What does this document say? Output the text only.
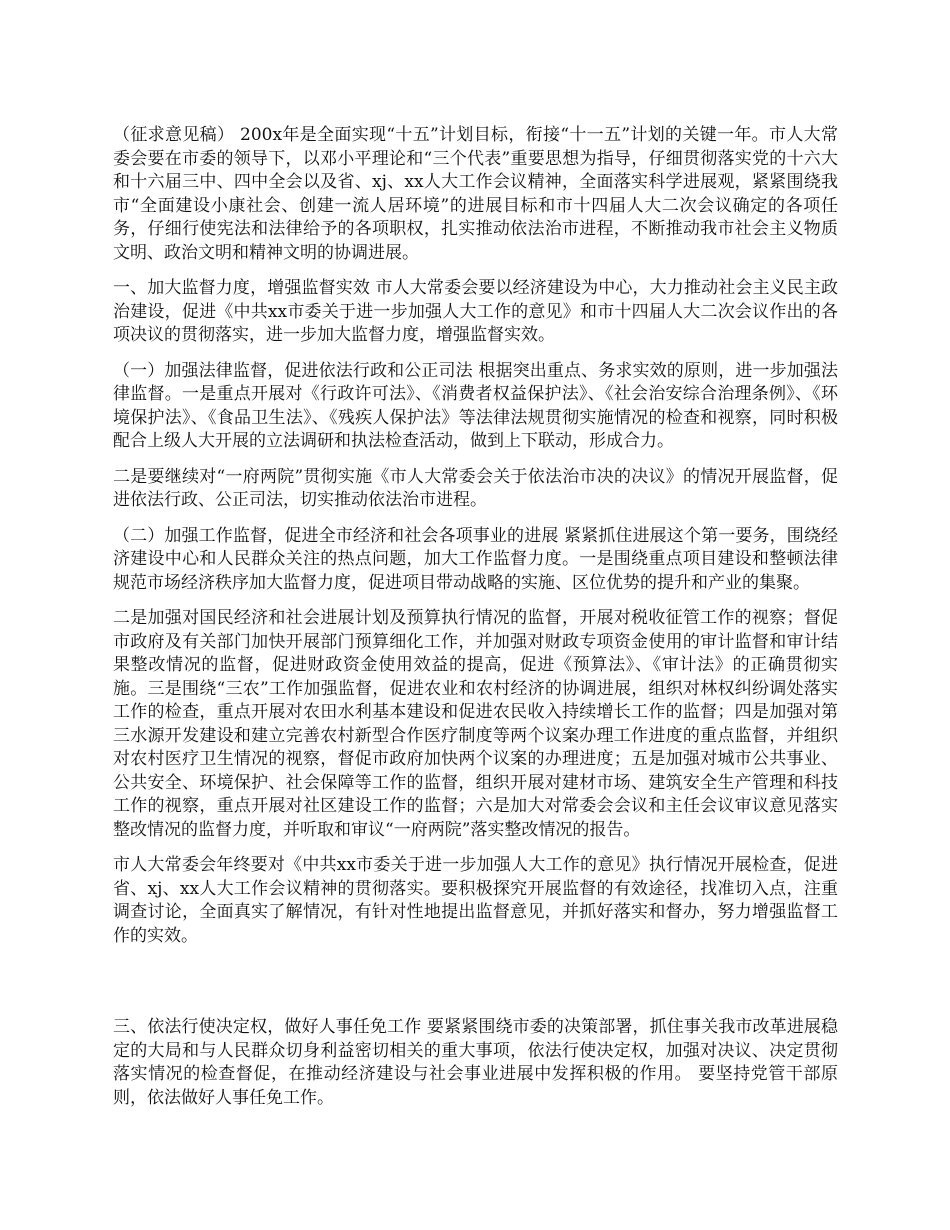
（征求意见稿） 200x年是全面实现“十五”计划目标，衔接“十一五”计划的关键一年。市人大常委会要在市委的领导下，以邓小平理论和“三个代表”重要思想为指导，仔细贯彻落实党的十六大和十六届三中、四中全会以及省、xj、xx人大工作会议精神，全面落实科学进展观，紧紧围绕我市“全面建设小康社会、创建一流人居环境”的进展目标和市十四届人大二次会议确定的各项任务，仔细行使宪法和法律给予的各项职权，扎实推动依法治市进程，不断推动我市社会主义物质文明、政治文明和精神文明的协调进展。

一、加大监督力度，增强监督实效 市人大常委会要以经济建设为中心，大力推动社会主义民主政治建设，促进《中共xx市委关于进一步加强人大工作的意见》和市十四届人大二次会议作出的各项决议的贯彻落实，进一步加大监督力度，增强监督实效。

（一）加强法律监督，促进依法行政和公正司法 根据突出重点、务求实效的原则，进一步加强法律监督。一是重点开展对《行政许可法》、《消费者权益保护法》、《社会治安综合治理条例》、《环境保护法》、《食品卫生法》、《残疾人保护法》等法律法规贯彻实施情况的检查和视察，同时积极配合上级人大开展的立法调研和执法检查活动，做到上下联动，形成合力。

二是要继续对“一府两院”贯彻实施《市人大常委会关于依法治市决的决议》的情况开展监督，促进依法行政、公正司法，切实推动依法治市进程。

（二）加强工作监督，促进全市经济和社会各项事业的进展 紧紧抓住进展这个第一要务，围绕经济建设中心和人民群众关注的热点问题，加大工作监督力度。一是围绕重点项目建设和整顿法律规范市场经济秩序加大监督力度，促进项目带动战略的实施、区位优势的提升和产业的集聚。

二是加强对国民经济和社会进展计划及预算执行情况的监督，开展对税收征管工作的视察；督促市政府及有关部门加快开展部门预算细化工作，并加强对财政专项资金使用的审计监督和审计结果整改情况的监督，促进财政资金使用效益的提高，促进《预算法》、《审计法》的正确贯彻实施。三是围绕“三农”工作加强监督，促进农业和农村经济的协调进展，组织对林权纠纷调处落实工作的检查，重点开展对农田水利基本建设和促进农民收入持续增长工作的监督；四是加强对第三水源开发建设和建立完善农村新型合作医疗制度等两个议案办理工作进度的重点监督，并组织对农村医疗卫生情况的视察，督促市政府加快两个议案的办理进度；五是加强对城市公共事业、公共安全、环境保护、社会保障等工作的监督，组织开展对建材市场、建筑安全生产管理和科技工作的视察，重点开展对社区建设工作的监督；六是加大对常委会会议和主任会议审议意见落实整改情况的监督力度，并听取和审议“一府两院”落实整改情况的报告。

市人大常委会年终要对《中共xx市委关于进一步加强人大工作的意见》执行情况开展检查，促进省、xj、xx人大工作会议精神的贯彻落实。要积极探究开展监督的有效途径，找准切入点，注重调查讨论，全面真实了解情况，有针对性地提出监督意见，并抓好落实和督办，努力增强监督工作的实效。

三、依法行使决定权，做好人事任免工作 要紧紧围绕市委的决策部署，抓住事关我市改革进展稳定的大局和与人民群众切身利益密切相关的重大事项，依法行使决定权，加强对决议、决定贯彻落实情况的检查督促，在推动经济建设与社会事业进展中发挥积极的作用。 要坚持党管干部原则，依法做好人事任免工作。
